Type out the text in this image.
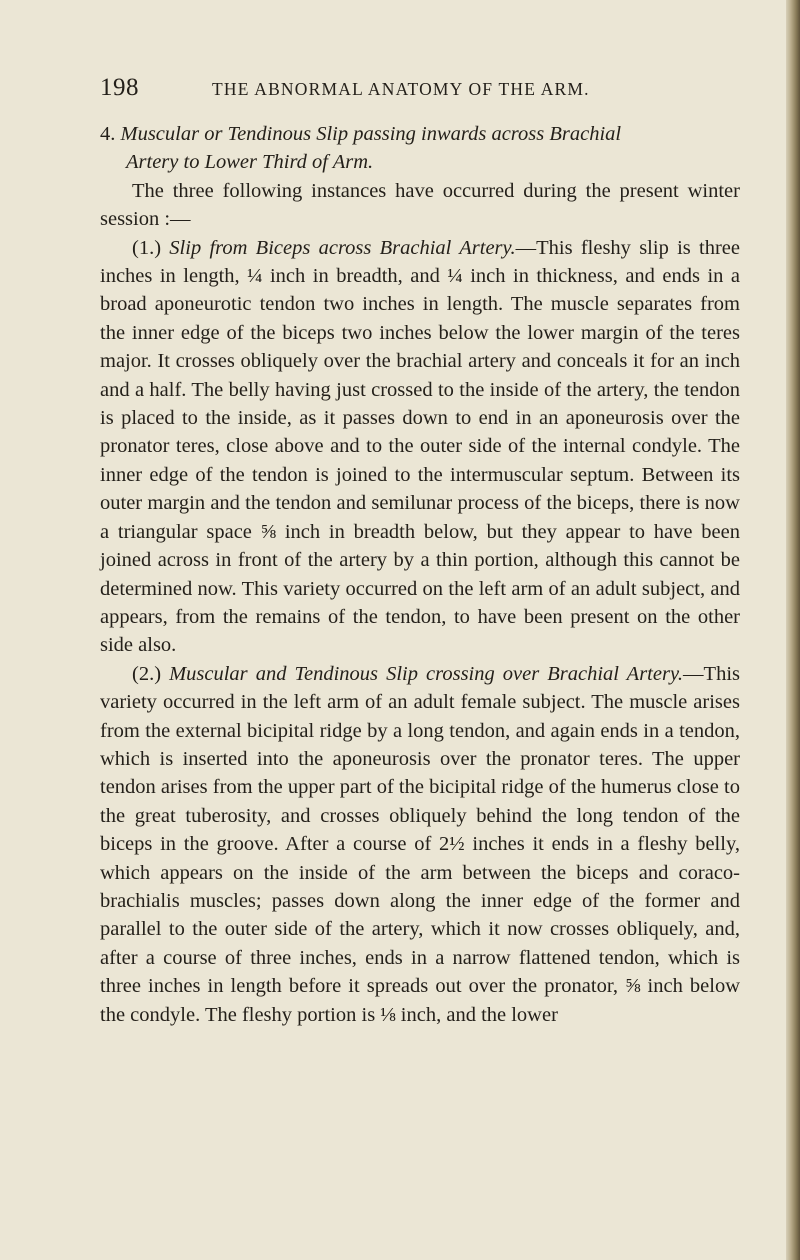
198	THE ABNORMAL ANATOMY OF THE ARM.

4. Muscular or Tendinous Slip passing inwards across Brachial
Artery to Lower Third of Arm.

The three following instances have occurred during the present winter session :—

(1.) Slip from Biceps across Brachial Artery.—This fleshy slip is three inches in length, ¼ inch in breadth, and ¼ inch in thickness, and ends in a broad aponeurotic tendon two inches in length. The muscle separates from the inner edge of the biceps two inches below the lower margin of the teres major. It crosses obliquely over the brachial artery and conceals it for an inch and a half. The belly having just crossed to the inside of the artery, the tendon is placed to the inside, as it passes down to end in an aponeurosis over the pronator teres, close above and to the outer side of the internal condyle. The inner edge of the tendon is joined to the intermuscular septum. Between its outer margin and the tendon and semilunar process of the biceps, there is now a triangular space ⅝ inch in breadth below, but they appear to have been joined across in front of the artery by a thin portion, although this cannot be determined now. This variety occurred on the left arm of an adult subject, and appears, from the remains of the tendon, to have been present on the other side also.

(2.) Muscular and Tendinous Slip crossing over Brachial Artery.—This variety occurred in the left arm of an adult female subject. The muscle arises from the external bicipital ridge by a long tendon, and again ends in a tendon, which is inserted into the aponeurosis over the pronator teres. The upper tendon arises from the upper part of the bicipital ridge of the humerus close to the great tuberosity, and crosses obliquely behind the long tendon of the biceps in the groove. After a course of 2½ inches it ends in a fleshy belly, which appears on the inside of the arm between the biceps and coraco-brachialis muscles; passes down along the inner edge of the former and parallel to the outer side of the artery, which it now crosses obliquely, and, after a course of three inches, ends in a narrow flattened tendon, which is three inches in length before it spreads out over the pronator, ⅝ inch below the condyle. The fleshy portion is ⅛ inch, and the lower
